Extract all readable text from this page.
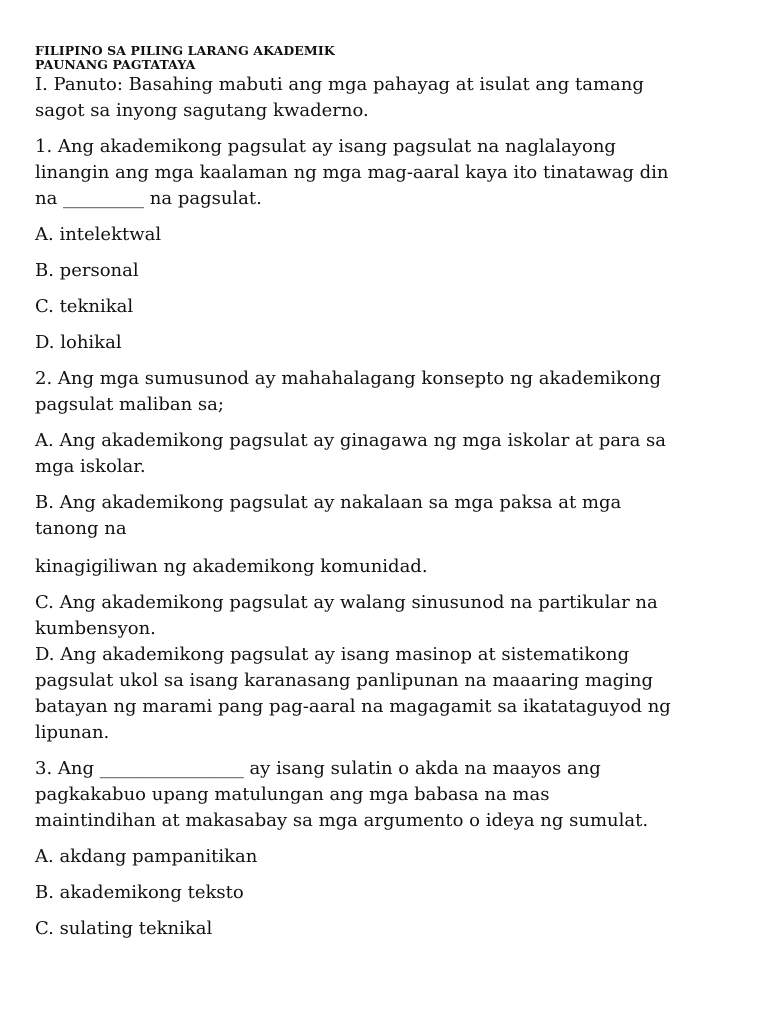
FILIPINO SA PILING LARANG AKADEMIK
PAUNANG PAGTATAYA

I. Panuto: Basahing mabuti ang mga pahayag at isulat ang tamang

sagot sa inyong sagutang kwaderno.

1. Ang akademikong pagsulat ay isang pagsulat na naglalayong

linangin ang mga kaalaman ng mga mag-aaral kaya ito tinatawag din

na _________ na pagsulat.

A. intelektwal

B. personal

C. teknikal

D. lohikal

2. Ang mga sumusunod ay mahahalagang konsepto ng akademikong

pagsulat maliban sa;

A. Ang akademikong pagsulat ay ginagawa ng mga iskolar at para sa

mga iskolar.

B. Ang akademikong pagsulat ay nakalaan sa mga paksa at mga

tanong na

kinagigiliwan ng akademikong komunidad.

C. Ang akademikong pagsulat ay walang sinusunod na partikular na

kumbensyon.

D. Ang akademikong pagsulat ay isang masinop at sistematikong

pagsulat ukol sa isang karanasang panlipunan na maaaring maging

batayan ng marami pang pag-aaral na magagamit sa ikatataguyod ng

lipunan.

3. Ang ________________ ay isang sulatin o akda na maayos ang

pagkakabuo upang matulungan ang mga babasa na mas

maintindihan at makasabay sa mga argumento o ideya ng sumulat.

A. akdang pampanitikan

B. akademikong teksto

C. sulating teknikal
